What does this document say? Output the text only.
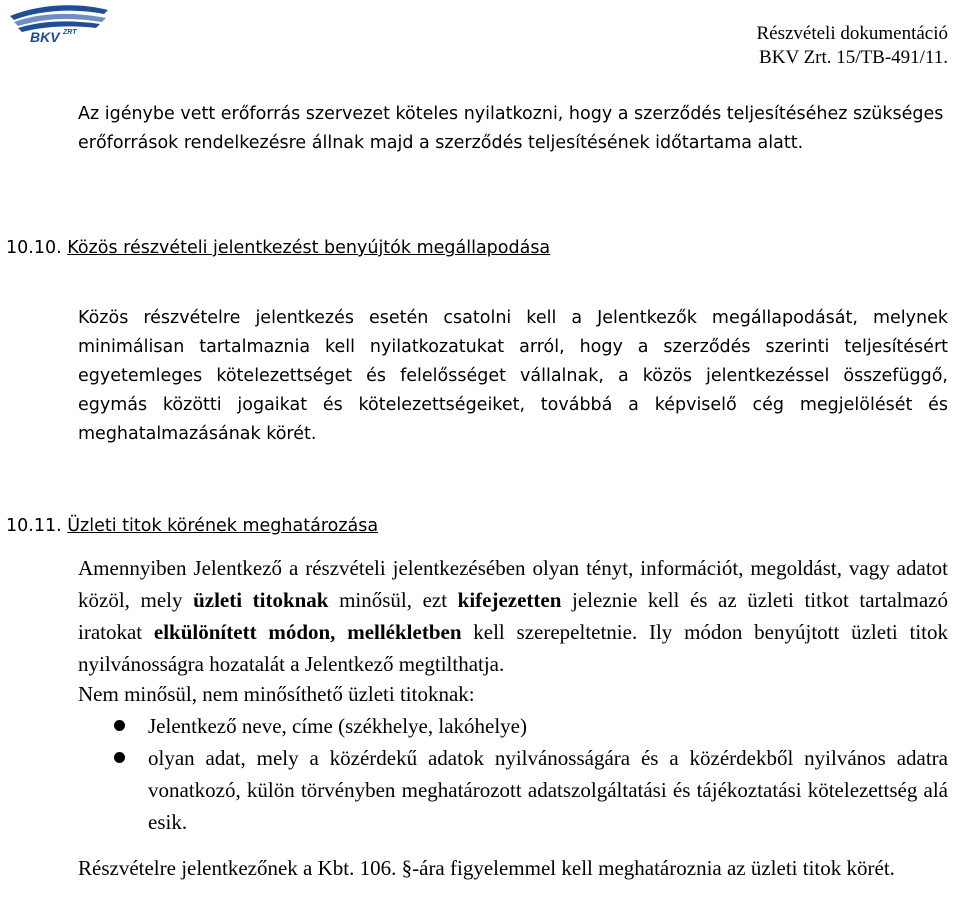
BKV ZRT	Részvételi dokumentáció
BKV Zrt. 15/TB-491/11.
Az igénybe vett erőforrás szervezet köteles nyilatkozni, hogy a szerződés teljesítéséhez szükséges erőforrások rendelkezésre állnak majd a szerződés teljesítésének időtartama alatt.
10.10. Közös részvételi jelentkezést benyújtók megállapodása
Közös részvételre jelentkezés esetén csatolni kell a Jelentkezők megállapodását, melynek minimálisan tartalmaznia kell nyilatkozatukat arról, hogy a szerződés szerinti teljesítésért egyetemleges kötelezettséget és felelősséget vállalnak, a közös jelentkezéssel összefüggő, egymás közötti jogaikat és kötelezettségeiket, továbbá a képviselő cég megjelölését és meghatalmazásának körét.
10.11. Üzleti titok körének meghatározása
Amennyiben Jelentkező a részvételi jelentkezésében olyan tényt, információt, megoldást, vagy adatot közöl, mely üzleti titoknak minősül, ezt kifejezetten jeleznie kell és az üzleti titkot tartalmazó iratokat elkülönített módon, mellékletben kell szerepeltetnie. Ily módon benyújtott üzleti titok nyilvánosságra hozatalát a Jelentkező megtilthatja.
Nem minősül, nem minősíthető üzleti titoknak:
Jelentkező neve, címe (székhelye, lakóhelye)
olyan adat, mely a közérdekű adatok nyilvánosságára és a közérdekből nyilvános adatra vonatkozó, külön törvényben meghatározott adatszolgáltatási és tájékoztatási kötelezettség alá esik.
Részvételre jelentkezőnek a Kbt. 106. §-ára figyelemmel kell meghatároznia az üzleti titok körét.
